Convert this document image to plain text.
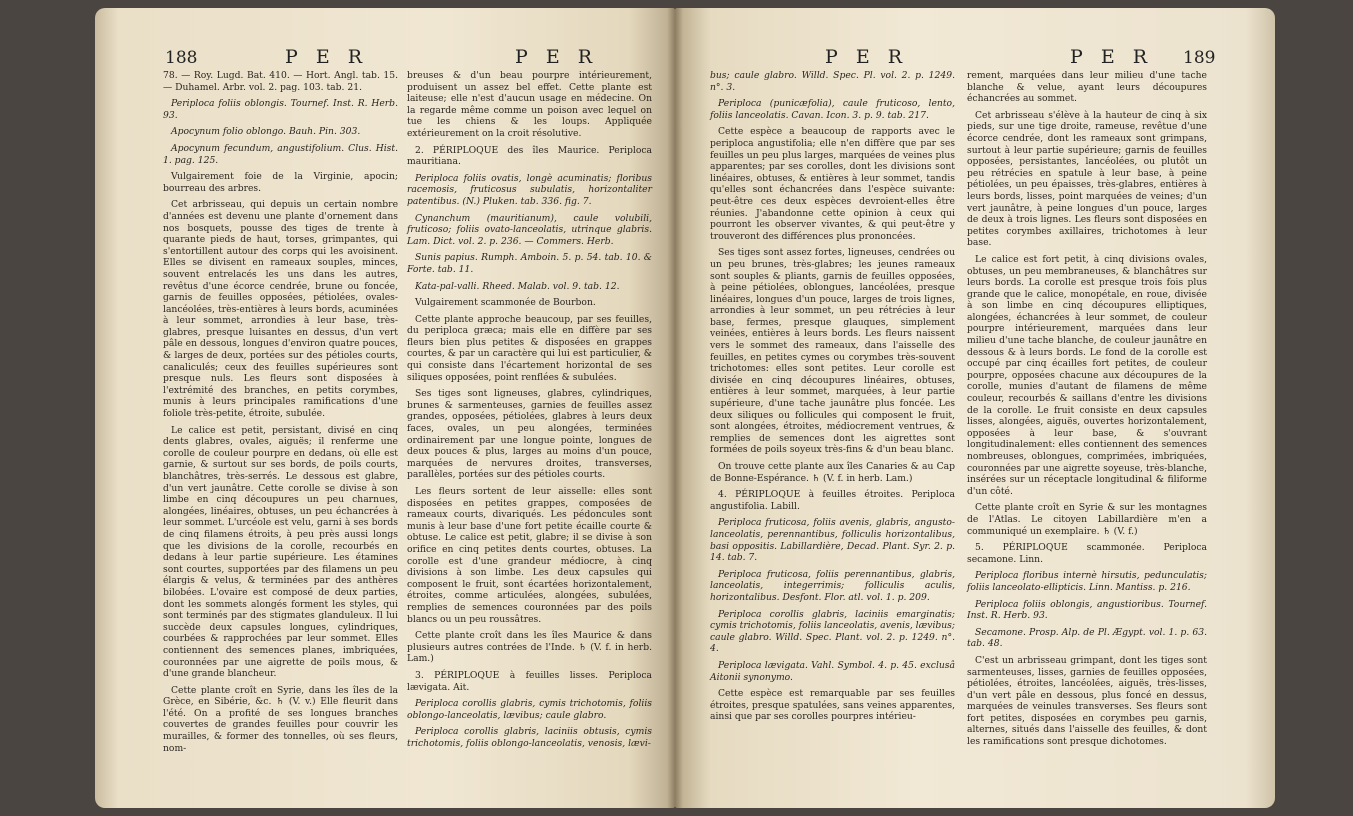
188	P E R	P E R

78. — Roy. Lugd. Bat. 410. — Hort. Angl. tab. 15. — Duhamel. Arbr. vol. 2. pag. 103. tab. 21.

Periploca foliis oblongis. Tournef. Inst. R. Herb. 93.

Apocynum folio oblongo. Bauh. Pin. 303.

Apocynum fecundum, angustifolium. Clus. Hist. 1. pag. 125.

Vulgairement foie de la Virginie, apocin; bourreau des arbres.

Cet arbrisseau, qui depuis un certain nombre d'années est devenu une plante d'ornement dans nos bosquets, pousse des tiges de trente à quarante pieds de haut, torses, grimpantes, qui s'entortillent autour des corps qui les avoisinent. Elles se divisent en rameaux souples, minces, souvent entrelacés les uns dans les autres, revêtus d'une écorce cendrée, brune ou foncée, garnis de feuilles opposées, pétiolées, ovales-lancéolées, très-entières à leurs bords, acuminées à leur sommet, arrondies à leur base, très-glabres, presque luisantes en dessus, d'un vert pâle en dessous, longues d'environ quatre pouces, & larges de deux, portées sur des pétioles courts, canaliculés; ceux des feuilles supérieures sont presque nuls. Les fleurs sont disposées à l'extrémité des branches, en petits corymbes, munis à leurs principales ramifications d'une foliole très-petite, étroite, subulée.

Le calice est petit, persistant, divisé en cinq dents glabres, ovales, aiguës; il renferme une corolle de couleur pourpre en dedans, où elle est garnie, & surtout sur ses bords, de poils courts, blanchâtres, très-serrés. Le dessous est glabre, d'un vert jaunâtre. Cette corolle se divise à son limbe en cinq découpures un peu charnues, alongées, linéaires, obtuses, un peu échancrées à leur sommet. L'urcéole est velu, garni à ses bords de cinq filamens étroits, à peu près aussi longs que les divisions de la corolle, recourbés en dedans à leur partie supérieure. Les étamines sont courtes, supportées par des filamens un peu élargis & velus, & terminées par des anthères bilobées. L'ovaire est composé de deux parties, dont les sommets alongés forment les styles, qui sont terminés par des stigmates glanduleux. Il lui succède deux capsules longues, cylindriques, courbées & rapprochées par leur sommet. Elles contiennent des semences planes, imbriquées, couronnées par une aigrette de poils mous, & d'une grande blancheur.

Cette plante croît en Syrie, dans les îles de la Grèce, en Sibérie, &c. ♄ (V. v.) Elle fleurit dans l'été. On a profité de ses longues branches couvertes de grandes feuilles pour couvrir les murailles, & former des tonnelles, où ses fleurs, nom-

breuses & d'un beau pourpre intérieurement, produisent un assez bel effet. Cette plante est laiteuse; elle n'est d'aucun usage en médecine. On la regarde même comme un poison avec lequel on tue les chiens & les loups. Appliquée extérieurement on la croit résolutive.

2. PÉRIPLOQUE des îles Maurice. Periploca mauritiana.

Periploca foliis ovatis, longè acuminatis; floribus racemosis, fruticosus subulatis, horizontaliter patentibus. (N.) Pluken. tab. 336. fig. 7.

Cynanchum (mauritianum), caule volubili, fruticoso; foliis ovato-lanceolatis, utrinque glabris. Lam. Dict. vol. 2. p. 236. — Commers. Herb.

Sunis papius. Rumph. Amboin. 5. p. 54. tab. 10. & Forte. tab. 11.

Kata-pal-valli. Rheed. Malab. vol. 9. tab. 12.

Vulgairement scammonée de Bourbon.

Cette plante approche beaucoup, par ses feuilles, du periploca græca; mais elle en diffère par ses fleurs bien plus petites & disposées en grappes courtes, & par un caractère qui lui est particulier, & qui consiste dans l'écartement horizontal de ses siliques opposées, point renflées & subulées.

Ses tiges sont ligneuses, glabres, cylindriques, brunes & sarmenteuses, garnies de feuilles assez grandes, opposées, pétiolées, glabres à leurs deux faces, ovales, un peu alongées, terminées ordinairement par une longue pointe, longues de deux pouces & plus, larges au moins d'un pouce, marquées de nervures droites, transverses, parallèles, portées sur des pétioles courts.

Les fleurs sortent de leur aisselle: elles sont disposées en petites grappes, composées de rameaux courts, divariqués. Les pédoncules sont munis à leur base d'une fort petite écaille courte & obtuse. Le calice est petit, glabre; il se divise à son orifice en cinq petites dents courtes, obtuses. La corolle est d'une grandeur médiocre, à cinq divisions à son limbe. Les deux capsules qui composent le fruit, sont écartées horizontalement, étroites, comme articulées, alongées, subulées, remplies de semences couronnées par des poils blancs ou un peu roussâtres.

Cette plante croît dans les îles Maurice & dans plusieurs autres contrées de l'Inde. ♄ (V. f. in herb. Lam.)

3. PÉRIPLOQUE à feuilles lisses. Periploca lævigata. Ait.

Periploca corollis glabris, cymis trichotomis, foliis oblongo-lanceolatis, lævibus; caule glabro.

Periploca corollis glabris, laciniis obtusis, cymis trichotomis, foliis oblongo-lanceolatis, venosis, lævi-

P E R	P E R 189

bus; caule glabro. Willd. Spec. Pl. vol. 2. p. 1249. n°. 3.

Periploca (punicæfolia), caule fruticoso, lento, foliis lanceolatis. Cavan. Icon. 3. p. 9. tab. 217.

Cette espèce a beaucoup de rapports avec le periploca angustifolia; elle n'en diffère que par ses feuilles un peu plus larges, marquées de veines plus apparentes; par ses corolles, dont les divisions sont linéaires, obtuses, & entières à leur sommet, tandis qu'elles sont échancrées dans l'espèce suivante: peut-être ces deux espèces devroient-elles être réunies. J'abandonne cette opinion à ceux qui pourront les observer vivantes, & qui peut-être y trouveront des différences plus prononcées.

Ses tiges sont assez fortes, ligneuses, cendrées ou un peu brunes, très-glabres; les jeunes rameaux sont souples & pliants, garnis de feuilles opposées, à peine pétiolées, oblongues, lancéolées, presque linéaires, longues d'un pouce, larges de trois lignes, arrondies à leur sommet, un peu rétrécies à leur base, fermes, presque glauques, simplement veinées, entières à leurs bords. Les fleurs naissent vers le sommet des rameaux, dans l'aisselle des feuilles, en petites cymes ou corymbes très-souvent trichotomes: elles sont petites. Leur corolle est divisée en cinq découpures linéaires, obtuses, entières à leur sommet, marquées, à leur partie supérieure, d'une tache jaunâtre plus foncée. Les deux siliques ou follicules qui composent le fruit, sont alongées, étroites, médiocrement ventrues, & remplies de semences dont les aigrettes sont formées de poils soyeux très-fins & d'un beau blanc.

On trouve cette plante aux îles Canaries & au Cap de Bonne-Espérance. ♄ (V. f. in herb. Lam.)

4. PÉRIPLOQUE à feuilles étroites. Periploca angustifolia. Labill.

Periploca fruticosa, foliis avenis, glabris, angusto-lanceolatis, perennantibus, folliculis horizontalibus, basi oppositis. Labillardière, Decad. Plant. Syr. 2. p. 14. tab. 7.

Periploca fruticosa, foliis perennantibus, glabris, lanceolatis, integerrimis; folliculis aculis, horizontalibus. Desfont. Flor. atl. vol. 1. p. 209.

Periploca corollis glabris, laciniis emarginatis; cymis trichotomis, foliis lanceolatis, avenis, lævibus; caule glabro. Willd. Spec. Plant. vol. 2. p. 1249. n°. 4.

Periploca lævigata. Vahl. Symbol. 4. p. 45. exclusâ Aitonii synonymo.

Cette espèce est remarquable par ses feuilles étroites, presque spatulées, sans veines apparentes, ainsi que par ses corolles pourpres intérieu-

rement, marquées dans leur milieu d'une tache blanche & velue, ayant leurs découpures échancrées au sommet.

Cet arbrisseau s'élève à la hauteur de cinq à six pieds, sur une tige droite, rameuse, revêtue d'une écorce cendrée, dont les rameaux sont grimpans, surtout à leur partie supérieure; garnis de feuilles opposées, persistantes, lancéolées, ou plutôt un peu rétrécies en spatule à leur base, à peine pétiolées, un peu épaisses, très-glabres, entières à leurs bords, lisses, point marquées de veines; d'un vert jaunâtre, à peine longues d'un pouce, larges de deux à trois lignes. Les fleurs sont disposées en petites corymbes axillaires, trichotomes à leur base.

Le calice est fort petit, à cinq divisions ovales, obtuses, un peu membraneuses, & blanchâtres sur leurs bords. La corolle est presque trois fois plus grande que le calice, monopétale, en roue, divisée à son limbe en cinq découpures elliptiques, alongées, échancrées à leur sommet, de couleur pourpre intérieurement, marquées dans leur milieu d'une tache blanche, de couleur jaunâtre en dessous & à leurs bords. Le fond de la corolle est occupé par cinq écailles fort petites, de couleur pourpre, opposées chacune aux découpures de la corolle, munies d'autant de filamens de même couleur, recourbés & saillans d'entre les divisions de la corolle. Le fruit consiste en deux capsules lisses, alongées, aiguës, ouvertes horizontalement, opposées à leur base, & s'ouvrant longitudinalement: elles contiennent des semences nombreuses, oblongues, comprimées, imbriquées, couronnées par une aigrette soyeuse, très-blanche, insérées sur un réceptacle longitudinal & filiforme d'un côté.

Cette plante croît en Syrie & sur les montagnes de l'Atlas. Le citoyen Labillardière m'en a communiqué un exemplaire. ♄ (V. f.)

5. PÉRIPLOQUE scammonée. Periploca secamone. Linn.

Periploca floribus internè hirsutis, pedunculatis; foliis lanceolato-ellipticis. Linn. Mantiss. p. 216.

Periploca foliis oblongis, angustioribus. Tournef. Inst. R. Herb. 93.

Secamone. Prosp. Alp. de Pl. Ægypt. vol. 1. p. 63. tab. 48.

C'est un arbrisseau grimpant, dont les tiges sont sarmenteuses, lisses, garnies de feuilles opposées, pétiolées, étroites, lancéolées, aiguës, très-lisses, d'un vert pâle en dessous, plus foncé en dessus, marquées de veinules transverses. Ses fleurs sont fort petites, disposées en corymbes peu garnis, alternes, situés dans l'aisselle des feuilles, & dont les ramifications sont presque dichotomes.
